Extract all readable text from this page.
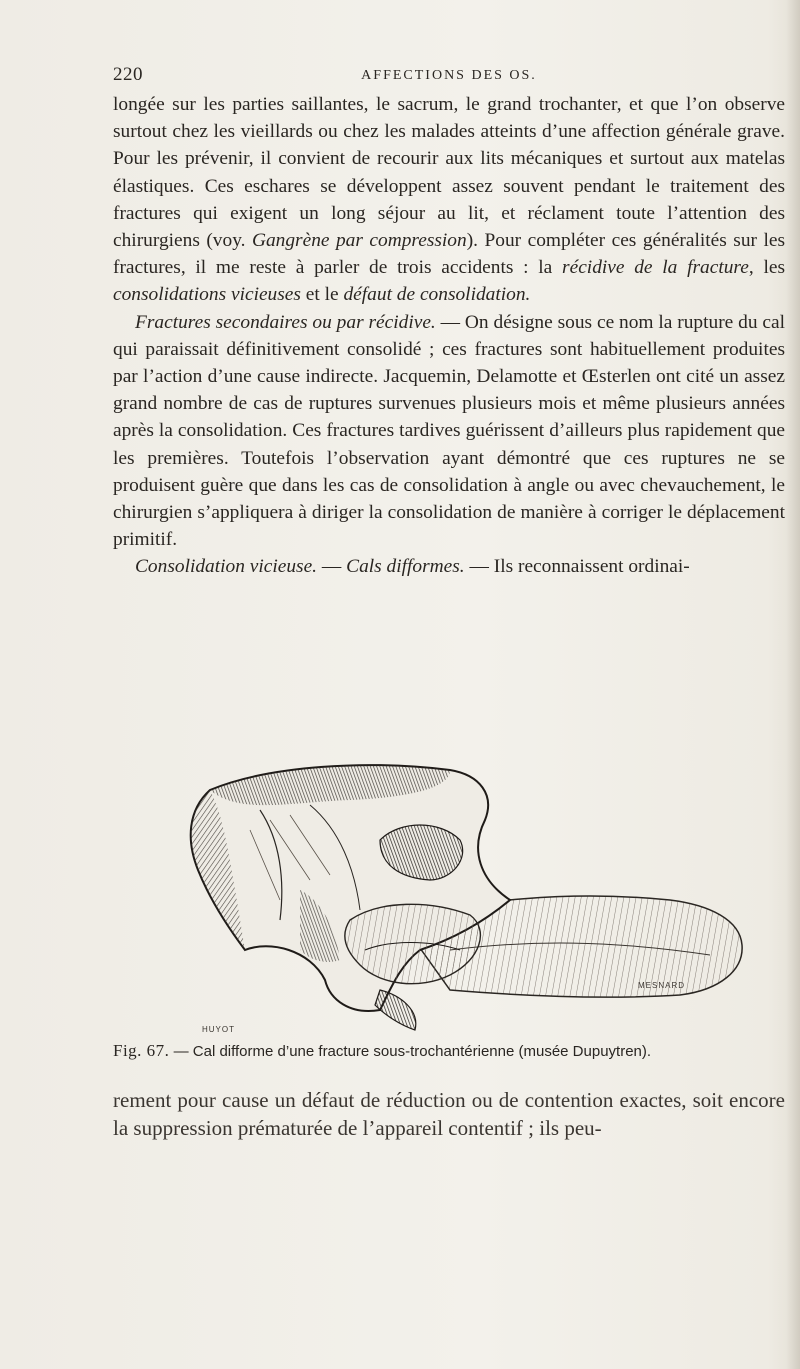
220	AFFECTIONS DES OS.

longée sur les parties saillantes, le sacrum, le grand trochanter, et que l’on observe surtout chez les vieillards ou chez les malades atteints d’une affection générale grave. Pour les prévenir, il convient de recourir aux lits mécaniques et surtout aux matelas élastiques. Ces eschares se développent assez souvent pendant le traitement des fractures qui exigent un long séjour au lit, et réclament toute l’attention des chirurgiens (voy. Gangrène par compression). Pour compléter ces généralités sur les fractures, il me reste à parler de trois accidents : la récidive de la fracture, les consolidations vicieuses et le défaut de consolidation.

Fractures secondaires ou par récidive. — On désigne sous ce nom la rupture du cal qui paraissait définitivement consolidé ; ces fractures sont habituellement produites par l’action d’une cause indirecte. Jacquemin, Delamotte et Œsterlen ont cité un assez grand nombre de cas de ruptures survenues plusieurs mois et même plusieurs années après la consolidation. Ces fractures tardives guérissent d’ailleurs plus rapidement que les premières. Toutefois l’observation ayant démontré que ces ruptures ne se produisent guère que dans les cas de consolidation à angle ou avec chevauchement, le chirurgien s’appliquera à diriger la consolidation de manière à corriger le déplacement primitif.

Consolidation vicieuse. — Cals difformes. — Ils reconnaissent ordinai-

HUYOT
MESNARD
Fig. 67. — Cal difforme d’une fracture sous-trochantérienne (musée Dupuytren).

rement pour cause un défaut de réduction ou de contention exactes, soit encore la suppression prématurée de l’appareil contentif ; ils peu-
